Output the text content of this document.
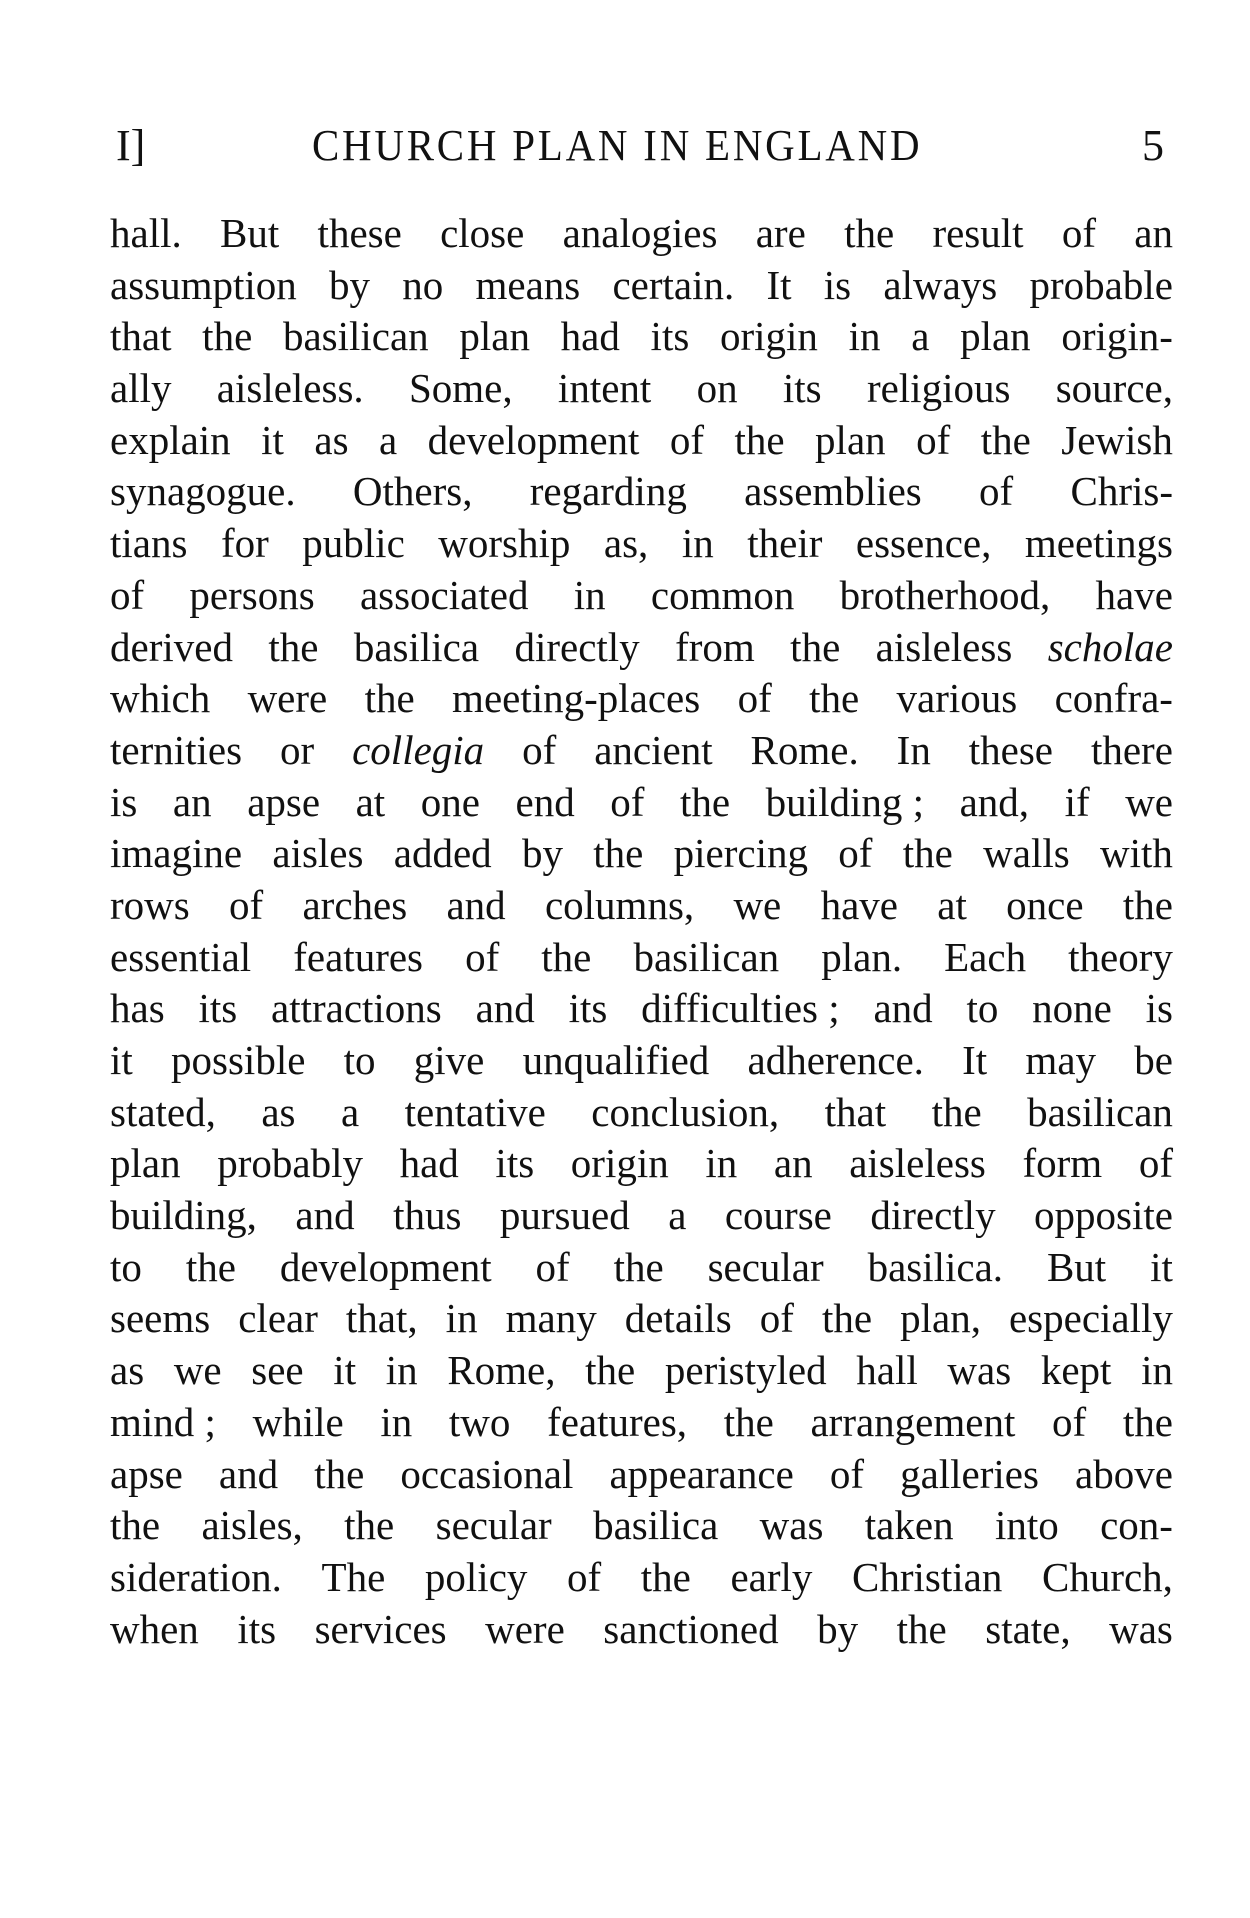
I]	CHURCH PLAN IN ENGLAND	5
hall. But these close analogies are the result of an
assumption by no means certain. It is always probable
that the basilican plan had its origin in a plan origin-
ally aisleless. Some, intent on its religious source,
explain it as a development of the plan of the Jewish
synagogue. Others, regarding assemblies of Chris-
tians for public worship as, in their essence, meetings
of persons associated in common brotherhood, have
derived the basilica directly from the aisleless scholae
which were the meeting-places of the various confra-
ternities or collegia of ancient Rome. In these there
is an apse at one end of the building ; and, if we
imagine aisles added by the piercing of the walls with
rows of arches and columns, we have at once the
essential features of the basilican plan. Each theory
has its attractions and its difficulties ; and to none is
it possible to give unqualified adherence. It may be
stated, as a tentative conclusion, that the basilican
plan probably had its origin in an aisleless form of
building, and thus pursued a course directly opposite
to the development of the secular basilica. But it
seems clear that, in many details of the plan, especially
as we see it in Rome, the peristyled hall was kept in
mind ; while in two features, the arrangement of the
apse and the occasional appearance of galleries above
the aisles, the secular basilica was taken into con-
sideration. The policy of the early Christian Church,
when its services were sanctioned by the state, was
